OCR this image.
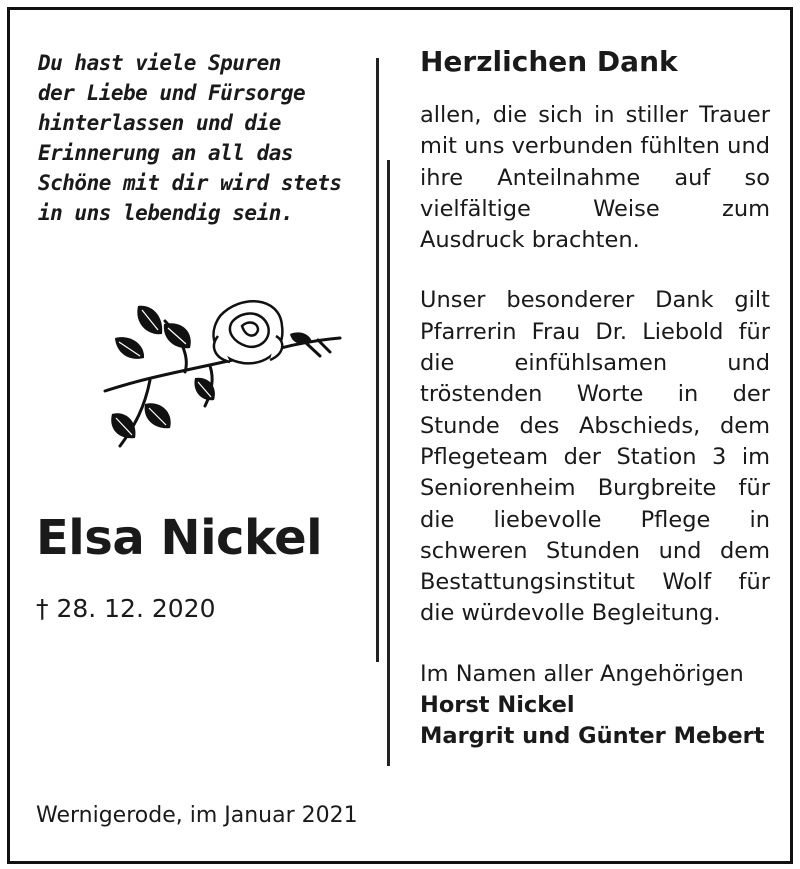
Du hast viele Spuren
der Liebe und Fürsorge
hinterlassen und die
Erinnerung an all das
Schöne mit dir wird stets
in uns lebendig sein.
Elsa Nickel
† 28. 12. 2020
Wernigerode, im Januar 2021
Herzlichen Dank

allen, die sich in stiller Trauer mit uns verbunden fühlten und ihre Anteilnahme auf so vielfältige Weise zum Ausdruck brachten.

Unser besonderer Dank gilt Pfarrerin Frau Dr. Liebold für die einfühlsamen und tröstenden Worte in der Stunde des Abschieds, dem Pflegeteam der Station 3 im Seniorenheim Burgbreite für die liebevolle Pflege in schweren Stunden und dem Bestattungsinstitut Wolf für die würdevolle Begleitung.

Im Namen aller Angehörigen
Horst Nickel
Margrit und Günter Mebert
